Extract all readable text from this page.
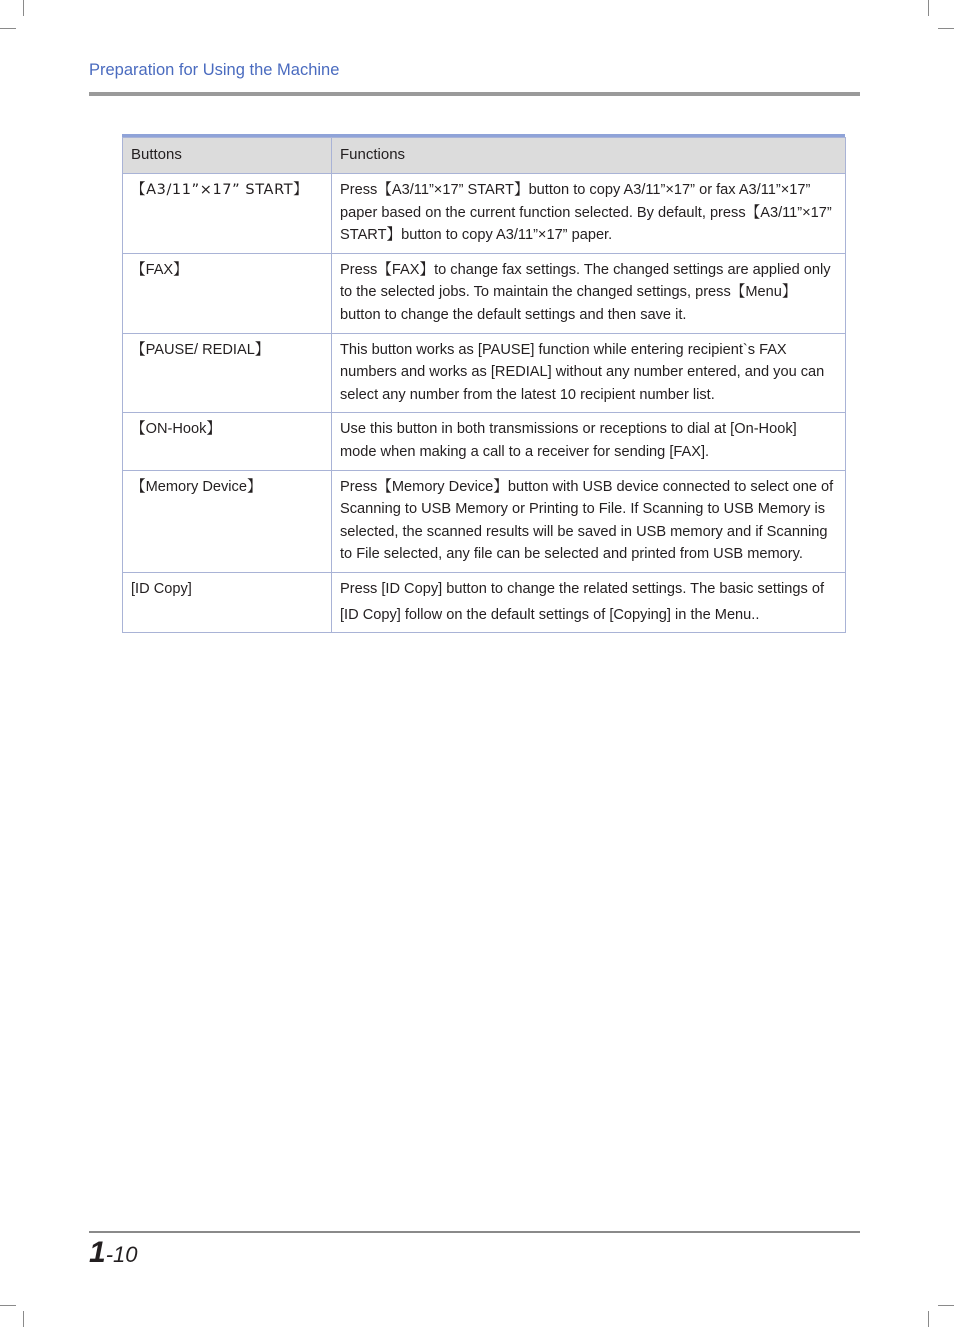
Preparation for Using the Machine
Buttons	Functions
【A3/11”×17” START】	Press【A3/11”×17” START】button to copy A3/11”×17” or fax A3/11”×17” paper based on the current function selected. By default, press【A3/11”×17” START】button to copy A3/11”×17” paper.
【FAX】	Press【FAX】to change fax settings. The changed settings are applied only to the selected jobs. To maintain the changed settings, press【Menu】button to change the default settings and then save it.
【PAUSE/ REDIAL】	This button works as [PAUSE] function while entering recipient`s FAX numbers and works as [REDIAL] without any number entered, and you can select any number from the latest 10 recipient number list.
【ON-Hook】	Use this button in both transmissions or receptions to dial at [On-Hook] mode when making a call to a receiver for sending [FAX].
【Memory Device】	Press【Memory Device】button with USB device connected to select one of Scanning to USB Memory or Printing to File. If Scanning to USB Memory is selected, the scanned results will be saved in USB memory and if Scanning to File selected, any file can be selected and printed from USB memory.
[ID Copy]	Press [ID Copy] button to change the related settings. The basic settings of [ID Copy] follow on the default settings of [Copying] in the Menu..

1-10
